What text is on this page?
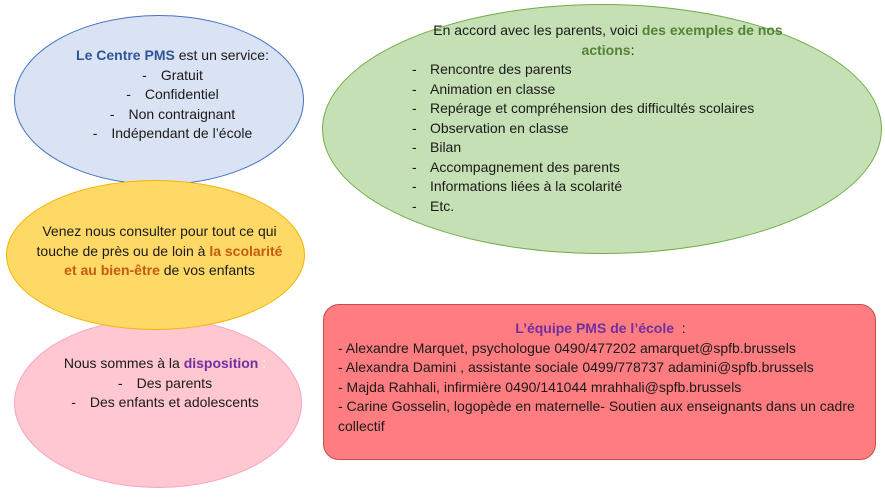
Le Centre PMS est un service:
- Gratuit
- Confidentiel
- Non contraignant
- Indépendant de l’école
Nous sommes à la disposition :
- Des parents
- Des enfants et adolescents
Venez nous consulter pour tout ce qui touche de près ou de loin à la scolarité et au bien-être de vos enfants
En accord avec les parents, voici des exemples de nos actions:
- Rencontre des parents
- Animation en classe
- Repérage et compréhension des difficultés scolaires
- Observation en classe
- Bilan
- Accompagnement des parents
- Informations liées à la scolarité
- Etc.
L’équipe PMS de l’école  :
- Alexandre Marquet, psychologue 0490/477202 amarquet@spfb.brussels
- Alexandra Damini , assistante sociale 0499/778737 adamini@spfb.brussels
- Majda Rahhali, infirmière 0490/141044 mrahhali@spfb.brussels
- Carine Gosselin, logopède en maternelle- Soutien aux enseignants dans un cadre collectif
